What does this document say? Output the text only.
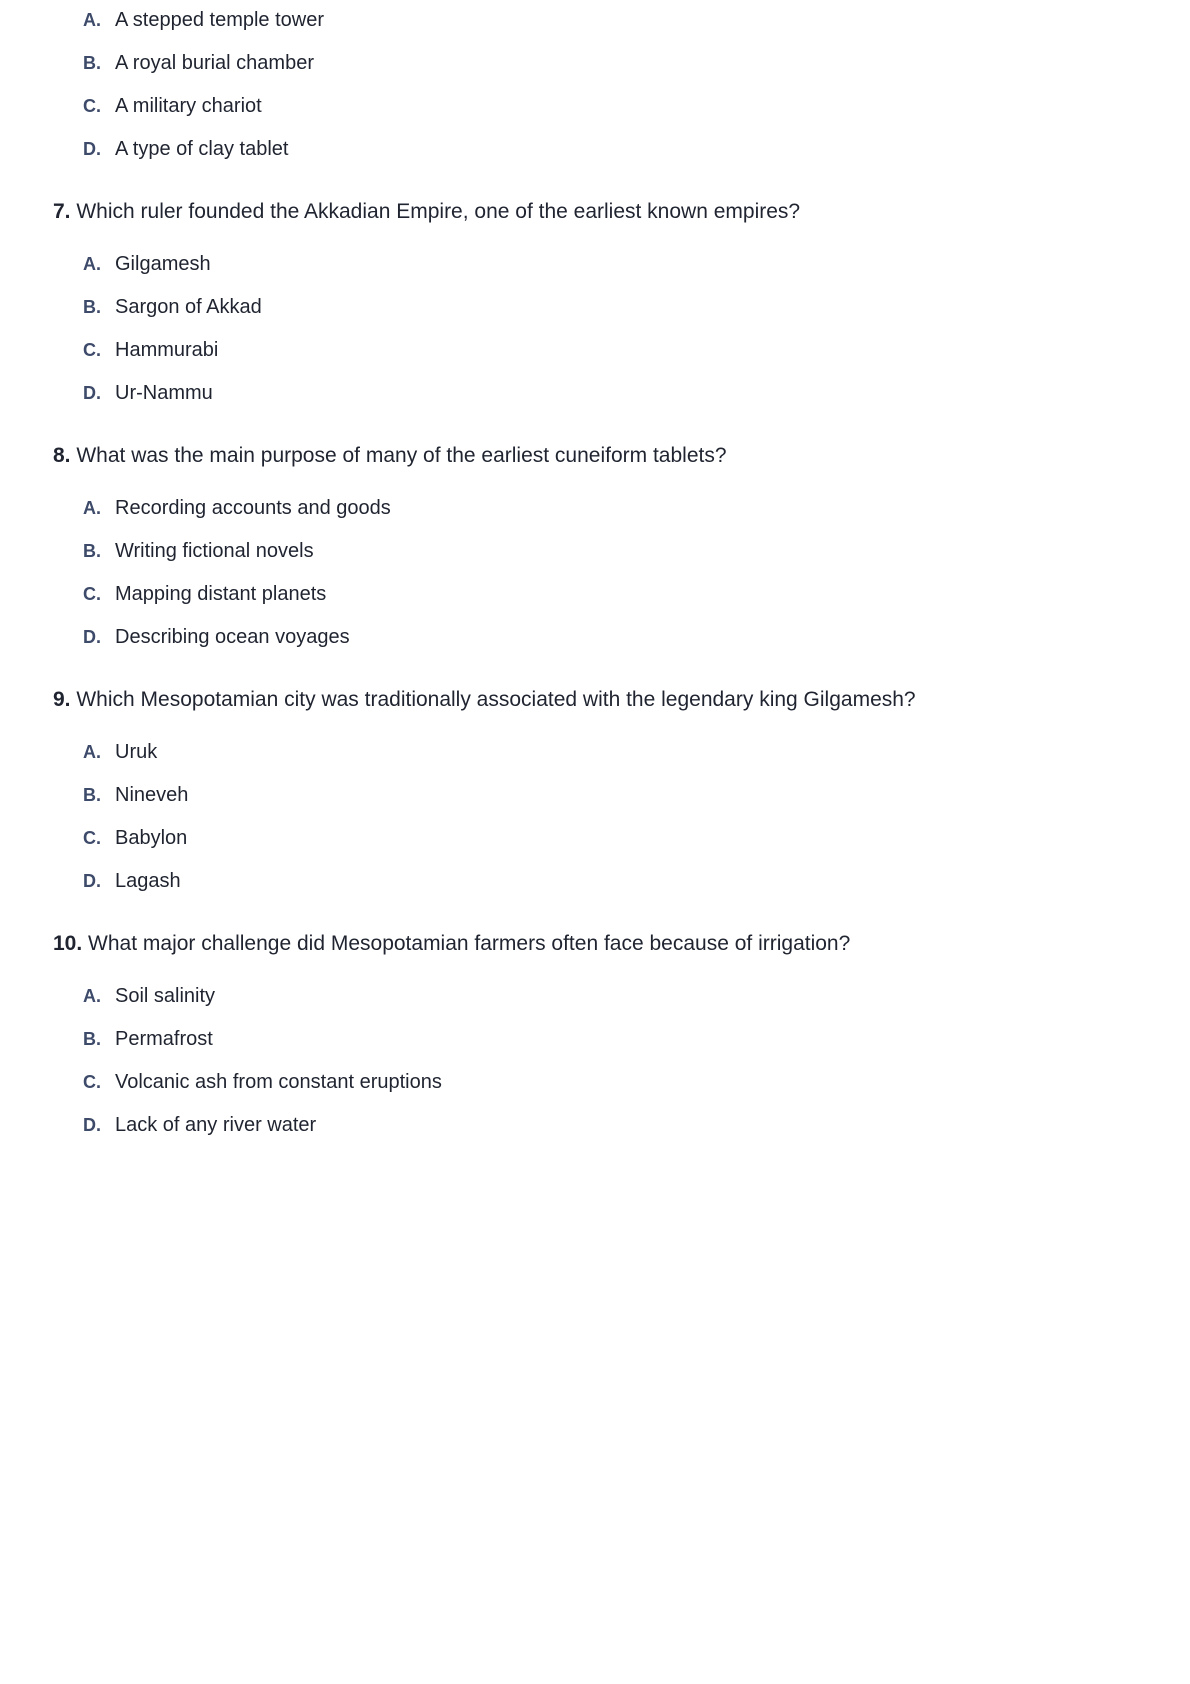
A. A stepped temple tower
B. A royal burial chamber
C. A military chariot
D. A type of clay tablet
7. Which ruler founded the Akkadian Empire, one of the earliest known empires?
A. Gilgamesh
B. Sargon of Akkad
C. Hammurabi
D. Ur-Nammu
8. What was the main purpose of many of the earliest cuneiform tablets?
A. Recording accounts and goods
B. Writing fictional novels
C. Mapping distant planets
D. Describing ocean voyages
9. Which Mesopotamian city was traditionally associated with the legendary king Gilgamesh?
A. Uruk
B. Nineveh
C. Babylon
D. Lagash
10. What major challenge did Mesopotamian farmers often face because of irrigation?
A. Soil salinity
B. Permafrost
C. Volcanic ash from constant eruptions
D. Lack of any river water
